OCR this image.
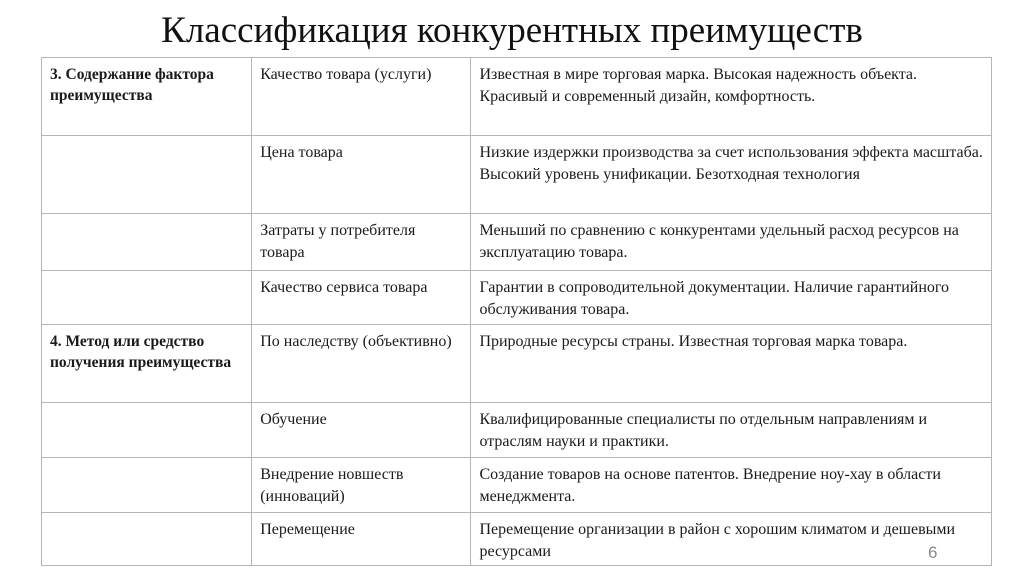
Классификация конкурентных преимуществ
3. Содержание фактора преимущества	Качество товара (услуги)	Известная в мире торговая марка. Высокая надежность объекта. Красивый и современный дизайн, комфортность.
	Цена товара	Низкие издержки производства за счет использования эффекта масштаба. Высокий уровень унификации. Безотходная технология
	Затраты у потребителя товара	Меньший по сравнению с конкурентами удельный расход ресурсов на эксплуатацию товара.
	Качество сервиса товара	Гарантии в сопроводительной документации. Наличие гарантийного обслуживания товара.
4. Метод или средство получения преимущества	По наследству (объективно)	Природные ресурсы страны. Известная торговая марка товара.
	Обучение	Квалифицированные специалисты по отдельным направлениям и отраслям науки и практики.
	Внедрение новшеств (инноваций)	Создание товаров на основе патентов. Внедрение ноу-хау в области менеджмента.
	Перемещение	Перемещение организации в район с хорошим климатом и дешевыми ресурсами	6
